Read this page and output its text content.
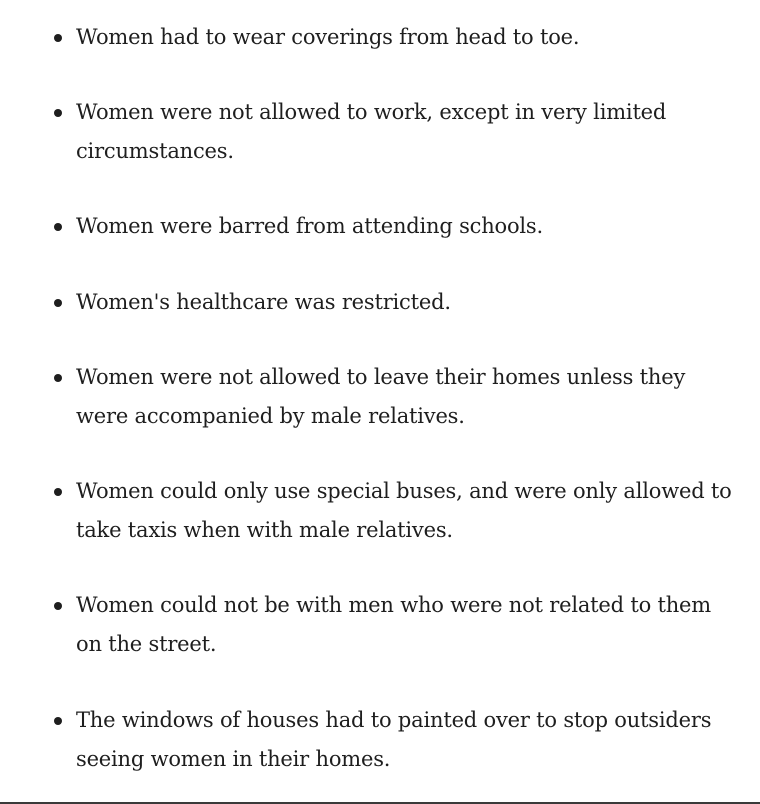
Women had to wear coverings from head to toe.
Women were not allowed to work, except in very limited circumstances.
Women were barred from attending schools.
Women's healthcare was restricted.
Women were not allowed to leave their homes unless they were accompanied by male relatives.
Women could only use special buses, and were only allowed to take taxis when with male relatives.
Women could not be with men who were not related to them on the street.
The windows of houses had to painted over to stop outsiders seeing women in their homes.
